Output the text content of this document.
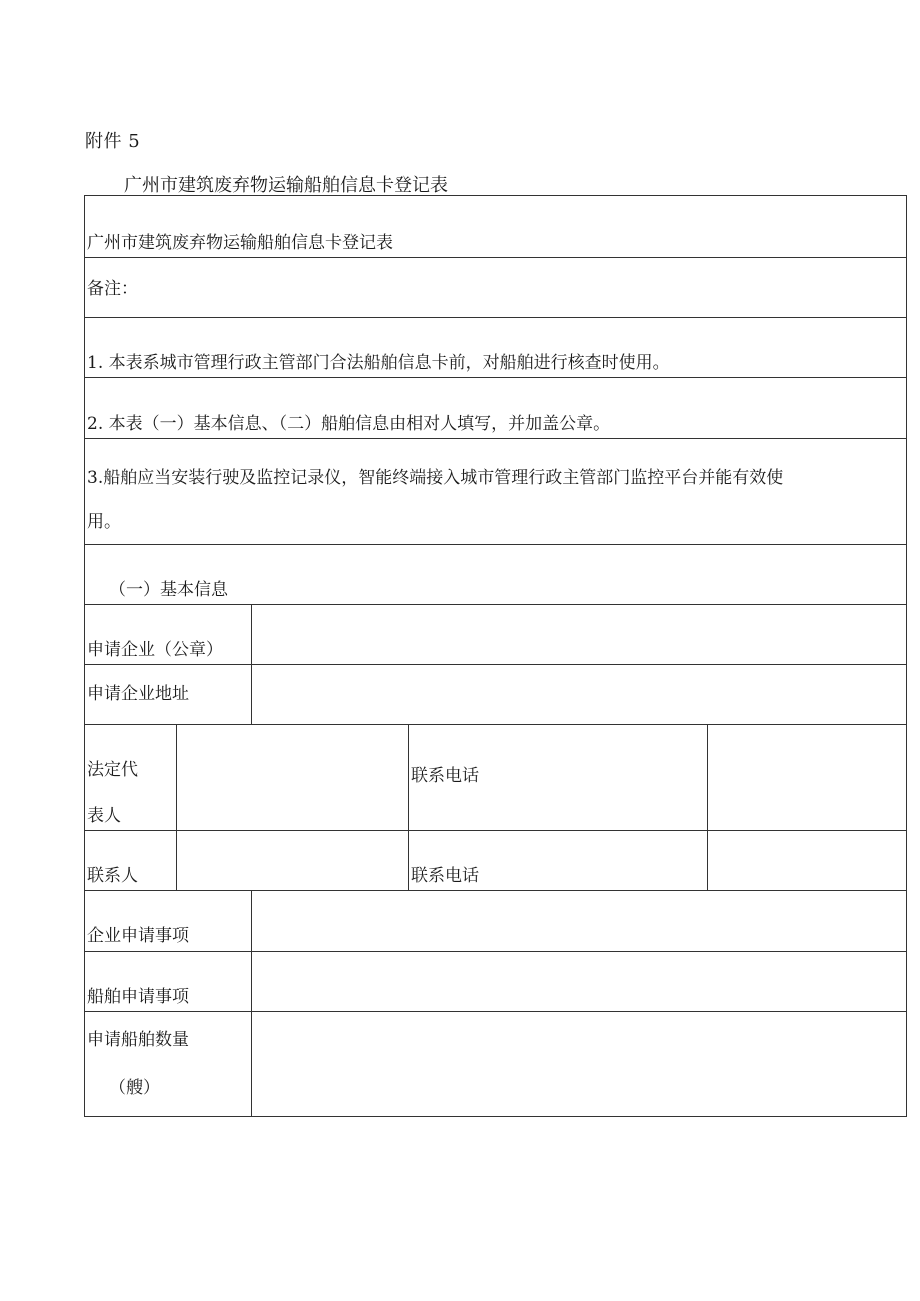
附件 5
广州市建筑废弃物运输船舶信息卡登记表
广州市建筑废弃物运输船舶信息卡登记表
备注：
1. 本表系城市管理行政主管部门合法船舶信息卡前，对船舶进行核查时使用。
2. 本表（一）基本信息、（二）船舶信息由相对人填写，并加盖公章。
3.船舶应当安装行驶及监控记录仪，智能终端接入城市管理行政主管部门监控平台并能有效使
用。
（一）基本信息
申请企业（公章）
申请企业地址
法定代
表人
联系电话
联系人	联系电话
企业申请事项
船舶申请事项
申请船舶数量
（艘）
